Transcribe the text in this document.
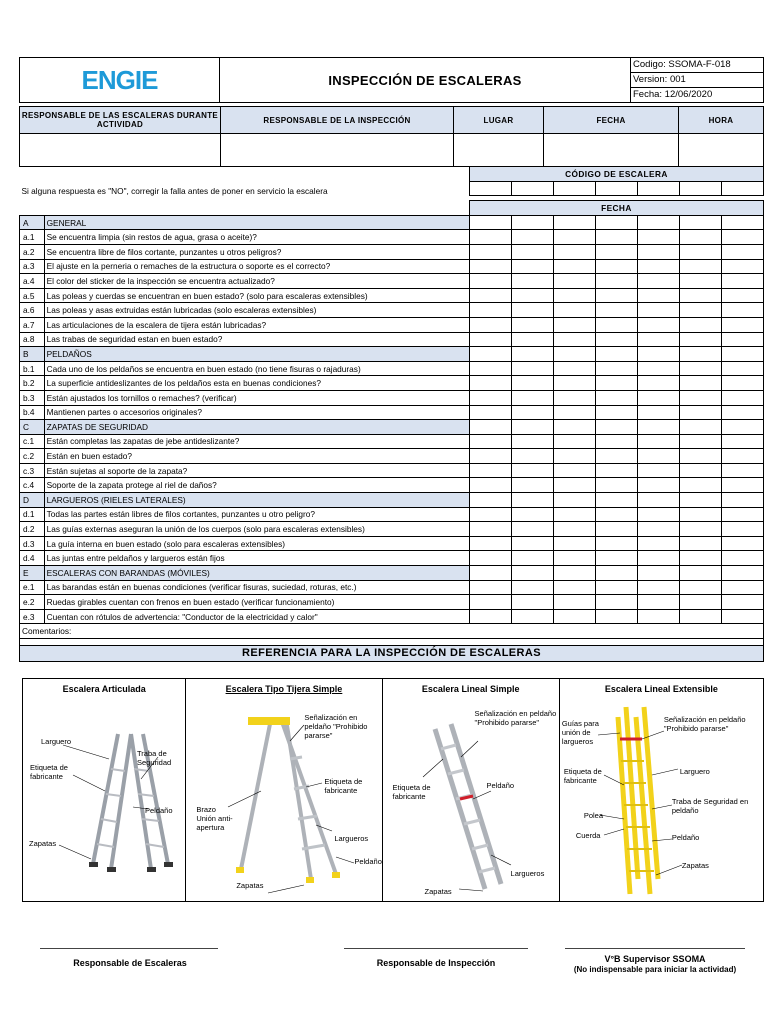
ENGIE	INSPECCIÓN DE ESCALERAS	
Codigo: SSOMA-F-018
Version: 001
Fecha: 12/06/2020
RESPONSABLE DE LAS ESCALERAS DURANTE ACTIVIDAD	RESPONSABLE DE LA INSPECCIÓN	LUGAR	FECHA	HORA

Si alguna respuesta es "NO", corregir la falla antes de poner en servicio la escalera		CÓDIGO DE ESCALERA						

		FECHA						
A	GENERAL							
a.1	Se encuentra limpia (sin restos de agua, grasa o aceite)?							
a.2	Se encuentra libre de filos cortante, punzantes u otros peligros?							
a.3	El ajuste en la perneria o remaches de la estructura o soporte es el correcto?							
a.4	El color del sticker de la inspección se encuentra actualizado?							
a.5	Las poleas y cuerdas se encuentran en buen estado? (solo para escaleras extensibles)							
a.6	Las poleas y asas extruidas están lubricadas (solo escaleras extensibles)							
a.7	Las articulaciones de la escalera de tijera están lubricadas?							
a.8	Las trabas de seguridad estan en buen estado?							
B	PELDAÑOS							
b.1	Cada uno de los peldaños se encuentra en buen estado (no tiene fisuras o rajaduras)							
b.2	La superficie antideslizantes de los peldaños esta en buenas condiciones?							
b.3	Están ajustados los tornillos o remaches? (verificar)							
b.4	Mantienen partes o accesorios originales?							
C	ZAPATAS DE SEGURIDAD							
c.1	Están completas las zapatas de jebe antideslizante?							
c.2	Están en buen estado?							
c.3	Están sujetas al soporte de la zapata?							
c.4	Soporte de la zapata protege al riel de daños?							
D	LARGUEROS (RIELES LATERALES)							
d.1	Todas las partes están libres de filos cortantes, punzantes u otro peligro?							
d.2	Las guías externas aseguran la unión de los cuerpos (solo para escaleras extensibles)							
d.3	La guía interna en buen estado (solo para escaleras extensibles)							
d.4	Las juntas entre peldaños y largueros están fijos							
E	ESCALERAS CON BARANDAS (MÓVILES)							
e.1	Las barandas están en buenas condiciones (verificar fisuras, suciedad, roturas, etc.)							
e.2	Ruedas girables cuentan con frenos en buen estado (verificar funcionamiento)							
e.3	Cuentan con rótulos de advertencia: "Conductor de la electricidad y calor"							
Comentarios:								

REFERENCIA PARA LA INSPECCIÓN DE ESCALERAS
Escalera Articulada
Larguero
Traba de Seguridad
Etiqueta de fabricante
Peldaño
Zapatas
Escalera Tipo Tijera Simple
Señalización en peldaño "Prohibido pararse"
Etiqueta de fabricante
Brazo Unión anti-apertura
Largueros
Peldaño
Zapatas
Escalera Lineal Simple
Señalización en peldaño "Prohibido pararse"
Etiqueta de fabricante
Peldaño
Largueros
Zapatas
Escalera Lineal Extensible
Guías para unión de largueros
Señalización en peldaño "Prohibido pararse"
Etiqueta de fabricante
Larguero
Traba de Seguridad en peldaño
Polea
Cuerda	Peldaño
Zapatas
Responsable de Escaleras	Responsable de Inspección	V°B Supervisor SSOMA
(No indispensable para iniciar la actividad)
